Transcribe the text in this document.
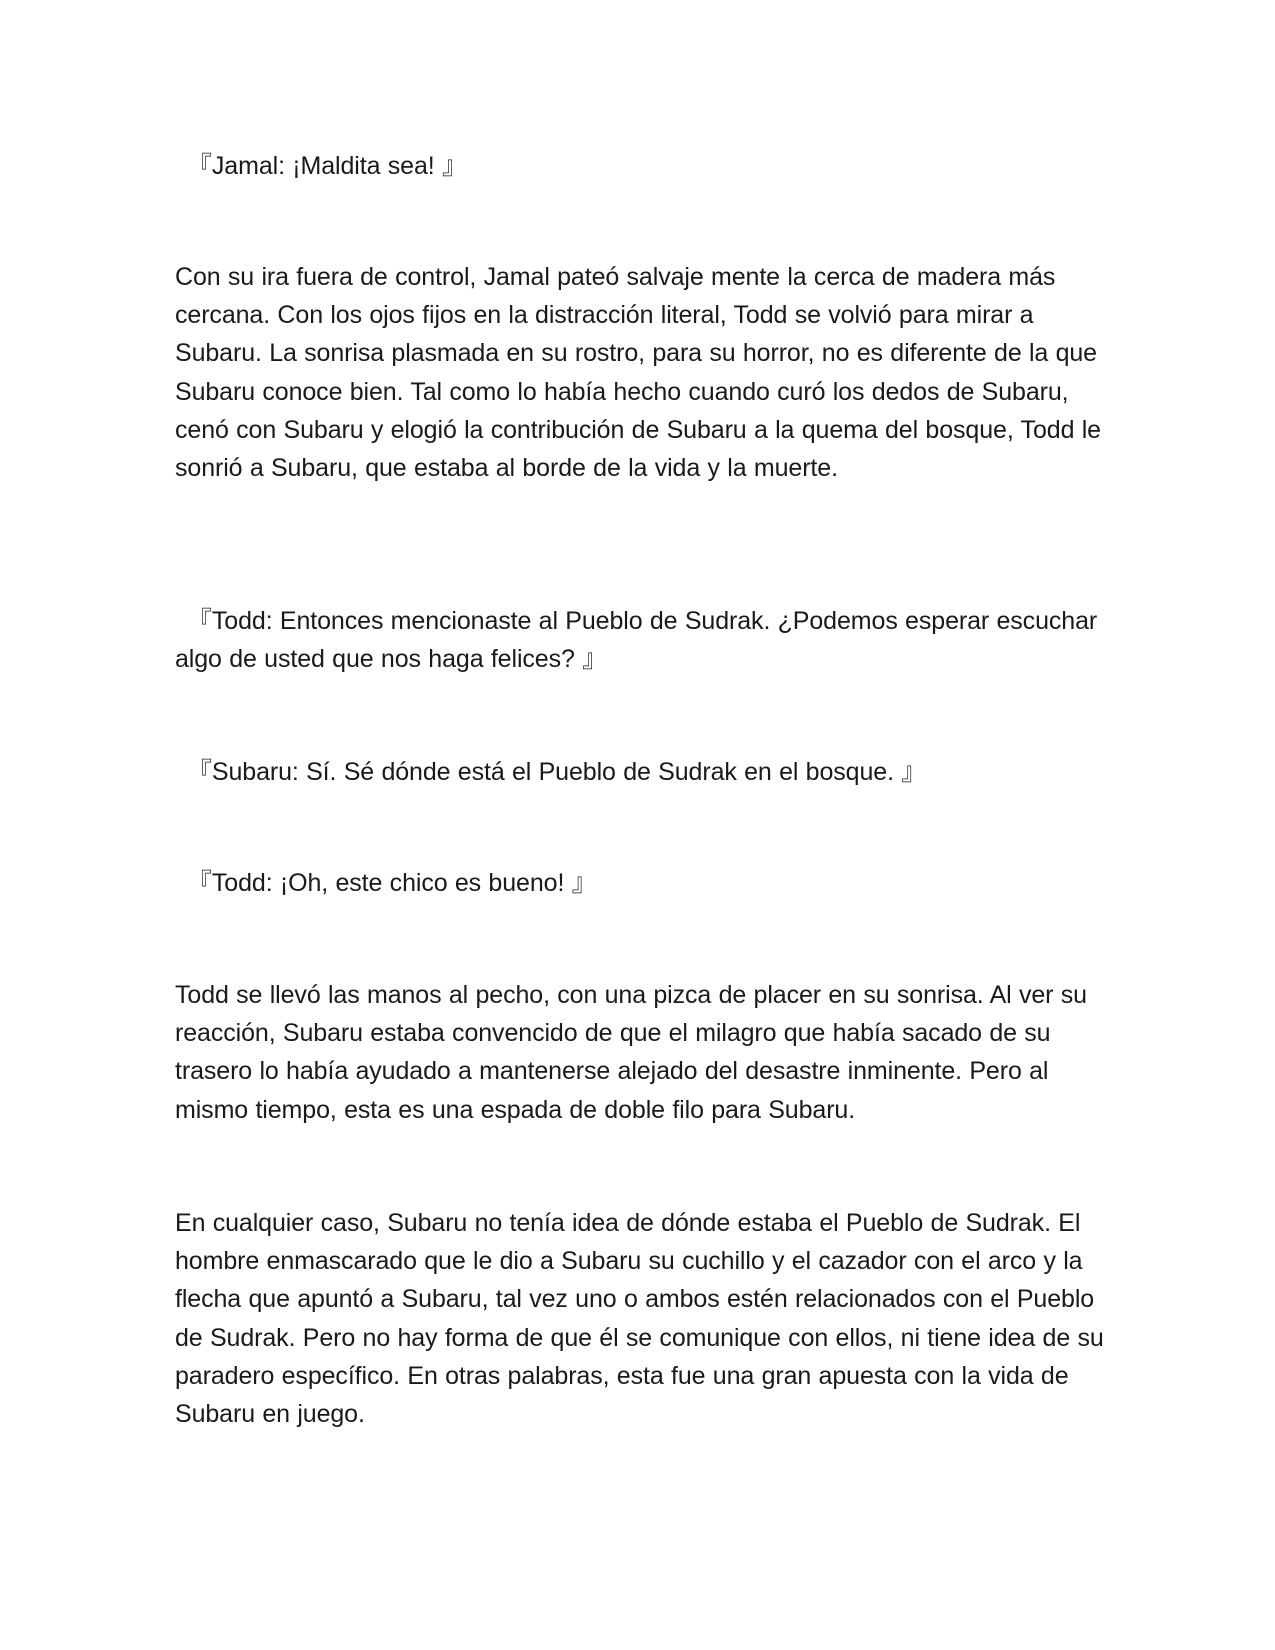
『Jamal: ¡Maldita sea! 』

Con su ira fuera de control, Jamal pateó salvaje mente la cerca de madera más cercana. Con los ojos fijos en la distracción literal, Todd se volvió para mirar a Subaru. La sonrisa plasmada en su rostro, para su horror, no es diferente de la que Subaru conoce bien. Tal como lo había hecho cuando curó los dedos de Subaru, cenó con Subaru y elogió la contribución de Subaru a la quema del bosque, Todd le sonrió a Subaru, que estaba al borde de la vida y la muerte.

『Todd: Entonces mencionaste al Pueblo de Sudrak. ¿Podemos esperar escuchar algo de usted que nos haga felices? 』

『Subaru: Sí. Sé dónde está el Pueblo de Sudrak en el bosque. 』

『Todd: ¡Oh, este chico es bueno! 』

Todd se llevó las manos al pecho, con una pizca de placer en su sonrisa. Al ver su reacción, Subaru estaba convencido de que el milagro que había sacado de su trasero lo había ayudado a mantenerse alejado del desastre inminente. Pero al mismo tiempo, esta es una espada de doble filo para Subaru.

En cualquier caso, Subaru no tenía idea de dónde estaba el Pueblo de Sudrak. El hombre enmascarado que le dio a Subaru su cuchillo y el cazador con el arco y la flecha que apuntó a Subaru, tal vez uno o ambos estén relacionados con el Pueblo de Sudrak. Pero no hay forma de que él se comunique con ellos, ni tiene idea de su paradero específico. En otras palabras, esta fue una gran apuesta con la vida de Subaru en juego.
